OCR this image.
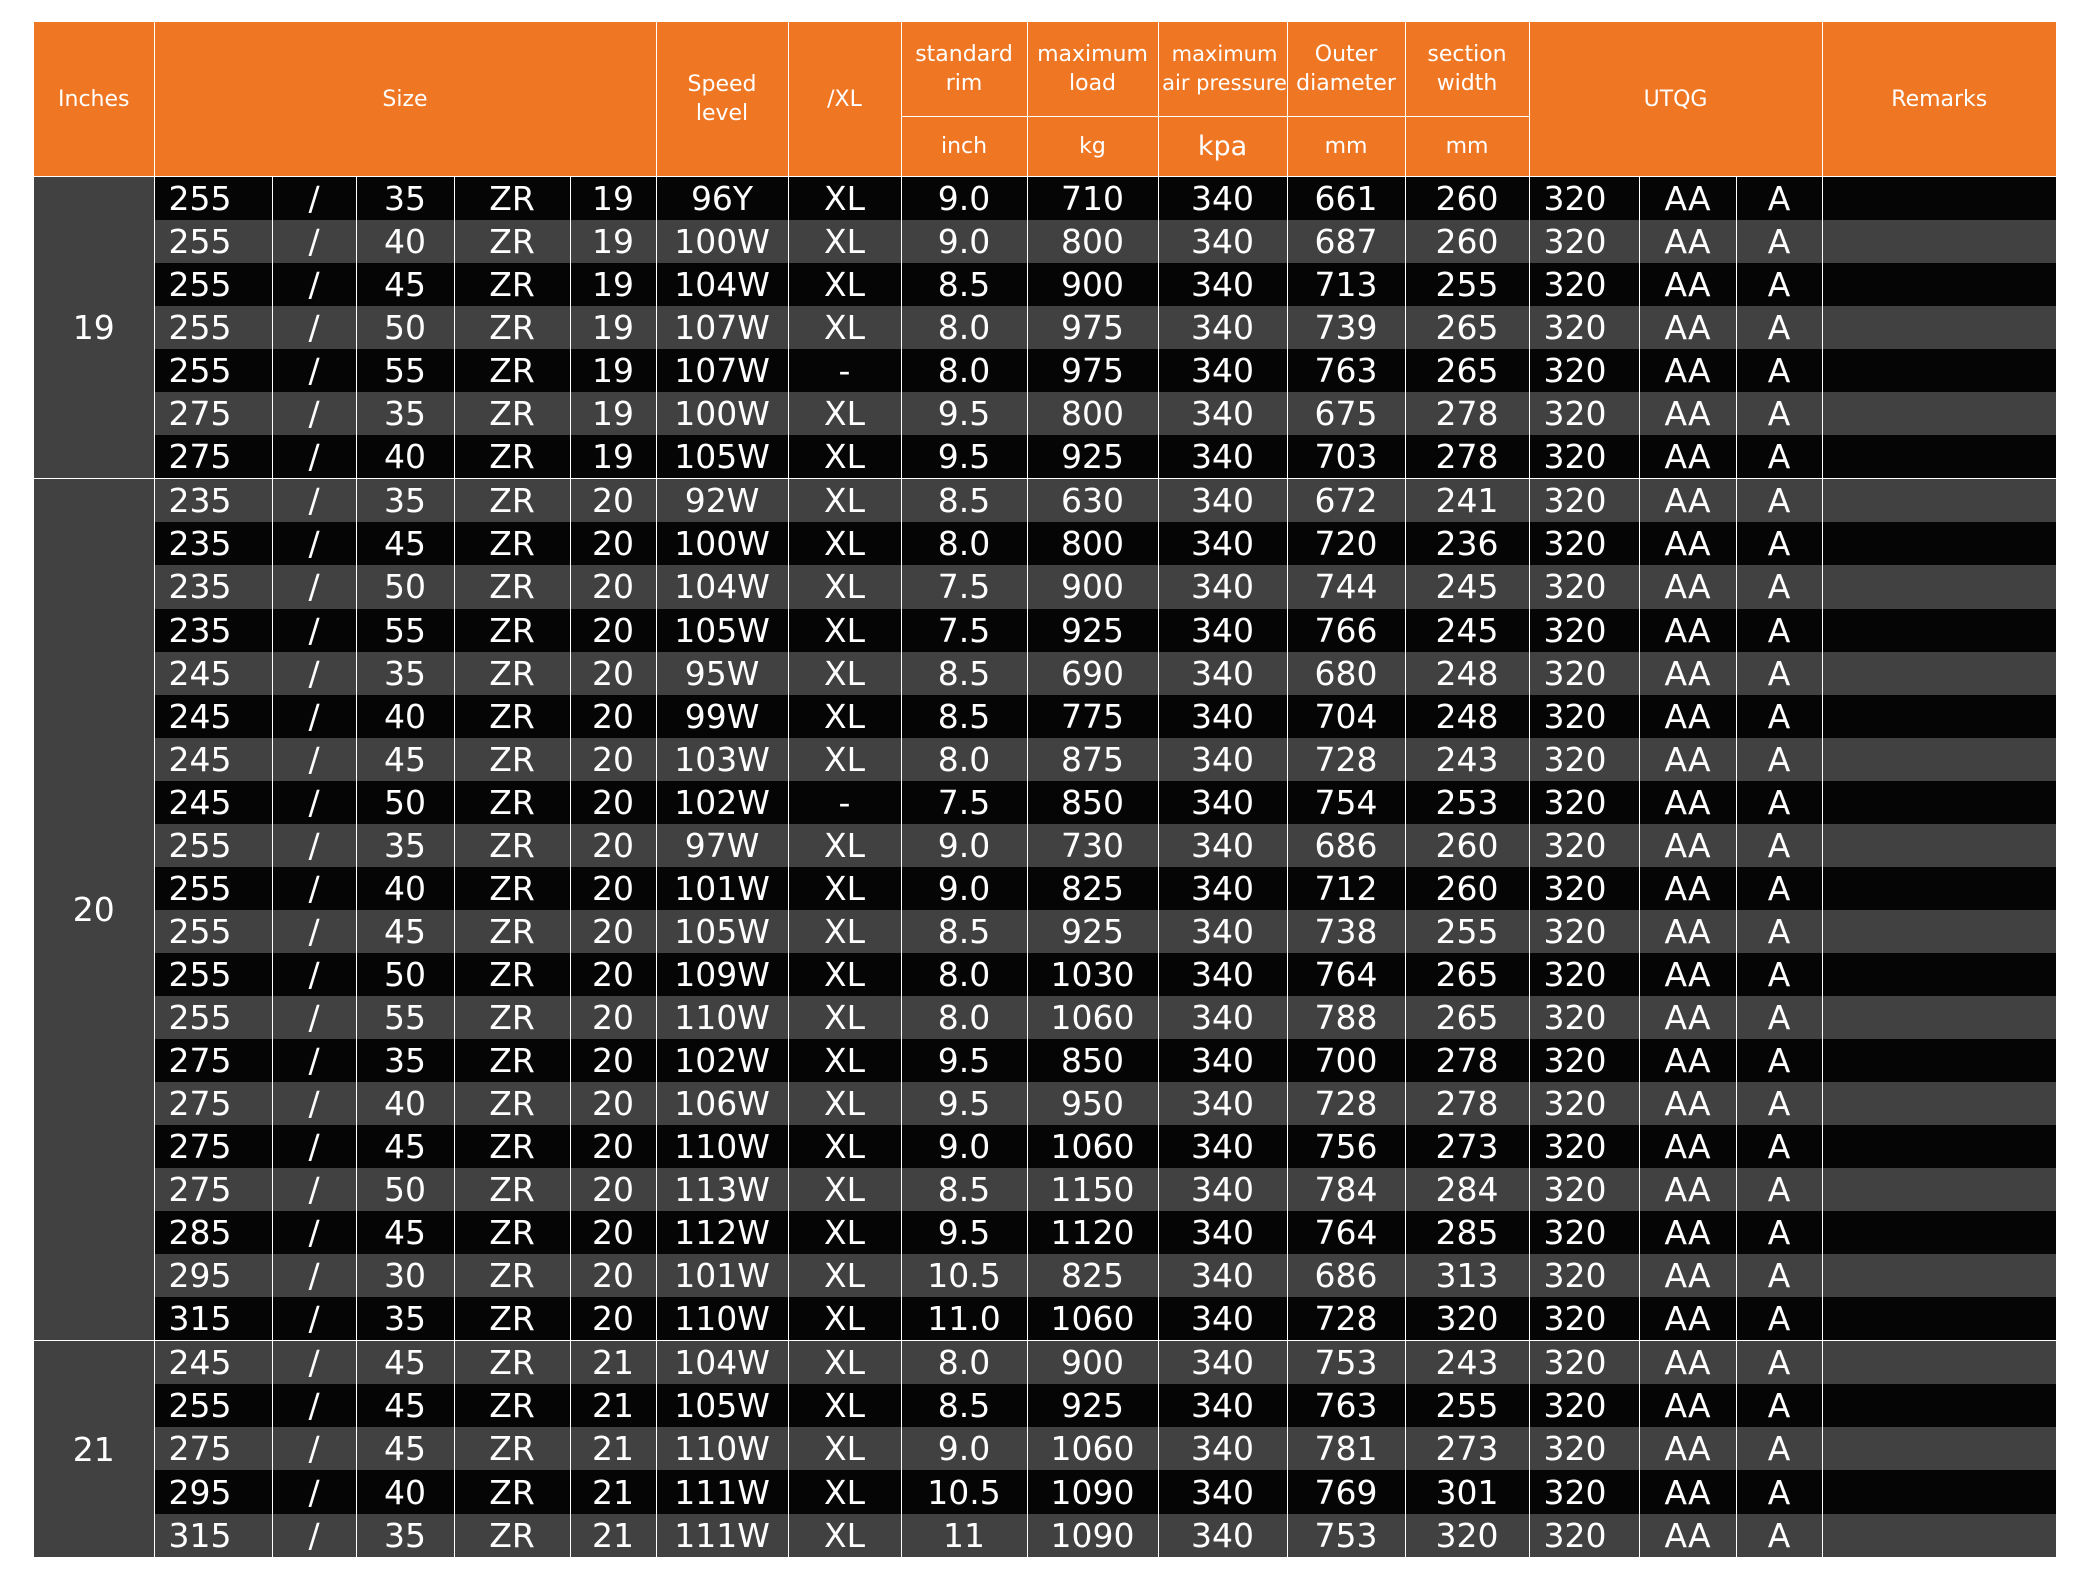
Inches	Size					Speed level	/XL	standard rim	maximum load	maximum air pressure	Outer diameter	section width	UTQG			Remarks
								inch	kg	kpa	mm	mm				
19	255	/	35	ZR	19	96Y	XL	9.0	710	340	661	260	320	AA	A	
	255	/	40	ZR	19	100W	XL	9.0	800	340	687	260	320	AA	A	
	255	/	45	ZR	19	104W	XL	8.5	900	340	713	255	320	AA	A	
	255	/	50	ZR	19	107W	XL	8.0	975	340	739	265	320	AA	A	
	255	/	55	ZR	19	107W	-	8.0	975	340	763	265	320	AA	A	
	275	/	35	ZR	19	100W	XL	9.5	800	340	675	278	320	AA	A	
	275	/	40	ZR	19	105W	XL	9.5	925	340	703	278	320	AA	A	
20	235	/	35	ZR	20	92W	XL	8.5	630	340	672	241	320	AA	A	
	235	/	45	ZR	20	100W	XL	8.0	800	340	720	236	320	AA	A	
	235	/	50	ZR	20	104W	XL	7.5	900	340	744	245	320	AA	A	
	235	/	55	ZR	20	105W	XL	7.5	925	340	766	245	320	AA	A	
	245	/	35	ZR	20	95W	XL	8.5	690	340	680	248	320	AA	A	
	245	/	40	ZR	20	99W	XL	8.5	775	340	704	248	320	AA	A	
	245	/	45	ZR	20	103W	XL	8.0	875	340	728	243	320	AA	A	
	245	/	50	ZR	20	102W	-	7.5	850	340	754	253	320	AA	A	
	255	/	35	ZR	20	97W	XL	9.0	730	340	686	260	320	AA	A	
	255	/	40	ZR	20	101W	XL	9.0	825	340	712	260	320	AA	A	
	255	/	45	ZR	20	105W	XL	8.5	925	340	738	255	320	AA	A	
	255	/	50	ZR	20	109W	XL	8.0	1030	340	764	265	320	AA	A	
	255	/	55	ZR	20	110W	XL	8.0	1060	340	788	265	320	AA	A	
	275	/	35	ZR	20	102W	XL	9.5	850	340	700	278	320	AA	A	
	275	/	40	ZR	20	106W	XL	9.5	950	340	728	278	320	AA	A	
	275	/	45	ZR	20	110W	XL	9.0	1060	340	756	273	320	AA	A	
	275	/	50	ZR	20	113W	XL	8.5	1150	340	784	284	320	AA	A	
	285	/	45	ZR	20	112W	XL	9.5	1120	340	764	285	320	AA	A	
	295	/	30	ZR	20	101W	XL	10.5	825	340	686	313	320	AA	A	
	315	/	35	ZR	20	110W	XL	11.0	1060	340	728	320	320	AA	A	
21	245	/	45	ZR	21	104W	XL	8.0	900	340	753	243	320	AA	A	
	255	/	45	ZR	21	105W	XL	8.5	925	340	763	255	320	AA	A	
	275	/	45	ZR	21	110W	XL	9.0	1060	340	781	273	320	AA	A	
	295	/	40	ZR	21	111W	XL	10.5	1090	340	769	301	320	AA	A	
	315	/	35	ZR	21	111W	XL	11	1090	340	753	320	320	AA	A	
